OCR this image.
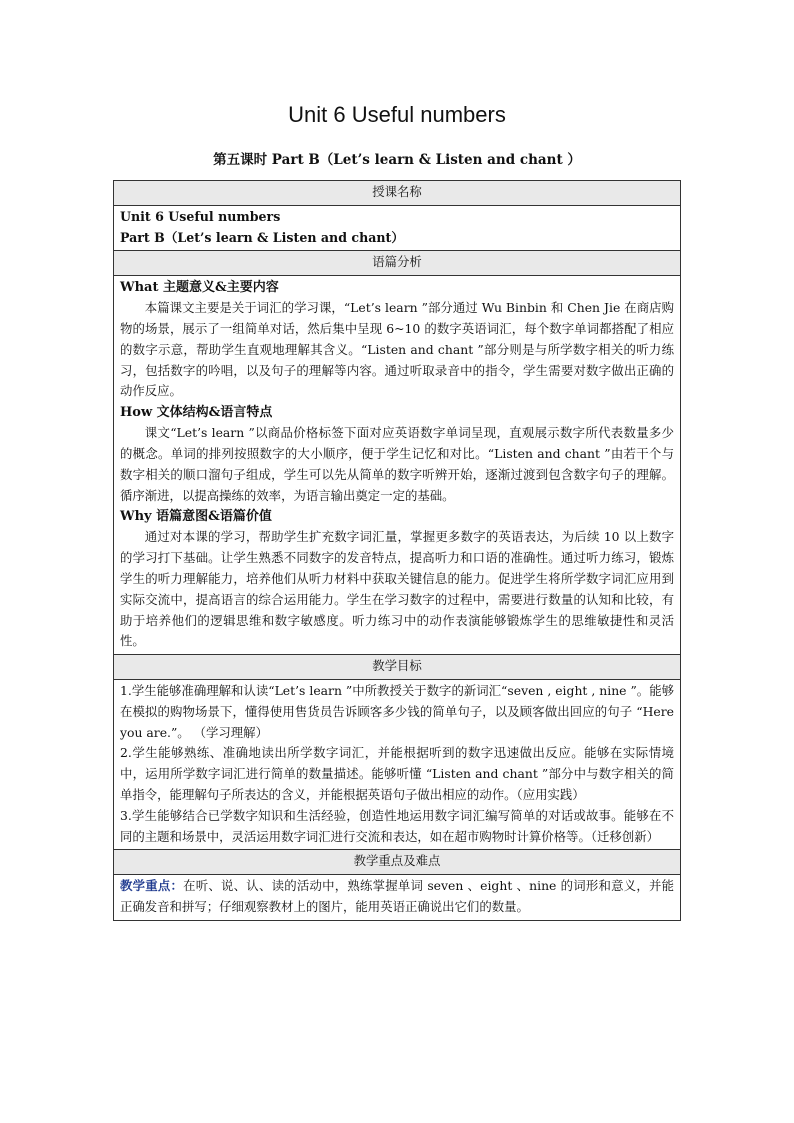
Unit 6 Useful numbers
第五课时 Part B（Let’s learn & Listen and chant ）
授课名称

Unit 6 Useful numbers
Part B（Let’s learn & Listen and chant）

语篇分析

What 主题意义&主要内容

本篇课文主要是关于词汇的学习课，“Let’s learn ”部分通过 Wu Binbin 和 Chen Jie 在商店购物的场景，展示了一组简单对话，然后集中呈现 6~10 的数字英语词汇，每个数字单词都搭配了相应的数字示意，帮助学生直观地理解其含义。“Listen and chant ”部分则是与所学数字相关的听力练习，包括数字的吟唱，以及句子的理解等内容。通过听取录音中的指令，学生需要对数字做出正确的动作反应。

How 文体结构&语言特点

课文“Let’s learn ”以商品价格标签下面对应英语数字单词呈现，直观展示数字所代表数量多少的概念。单词的排列按照数字的大小顺序，便于学生记忆和对比。“Listen and chant ”由若干个与数字相关的顺口溜句子组成，学生可以先从简单的数字听辨开始，逐渐过渡到包含数字句子的理解。循序渐进，以提高操练的效率，为语言输出奠定一定的基础。

Why 语篇意图&语篇价值

通过对本课的学习，帮助学生扩充数字词汇量，掌握更多数字的英语表达，为后续 10 以上数字的学习打下基础。让学生熟悉不同数字的发音特点，提高听力和口语的准确性。通过听力练习，锻炼学生的听力理解能力，培养他们从听力材料中获取关键信息的能力。促进学生将所学数字词汇应用到实际交流中，提高语言的综合运用能力。学生在学习数字的过程中，需要进行数量的认知和比较，有助于培养他们的逻辑思维和数字敏感度。听力练习中的动作表演能够锻炼学生的思维敏捷性和灵活性。

教学目标

1.学生能够准确理解和认读“Let’s learn ”中所教授关于数字的新词汇“seven , eight , nine ”。能够在模拟的购物场景下，懂得使用售货员告诉顾客多少钱的简单句子，以及顾客做出回应的句子 “Here you are.”。 （学习理解）

2.学生能够熟练、准确地读出所学数字词汇，并能根据听到的数字迅速做出反应。能够在实际情境中，运用所学数字词汇进行简单的数量描述。能够听懂 “Listen and chant ”部分中与数字相关的简单指令，能理解句子所表达的含义，并能根据英语句子做出相应的动作。（应用实践）

3.学生能够结合已学数字知识和生活经验，创造性地运用数字词汇编写简单的对话或故事。能够在不同的主题和场景中，灵活运用数字词汇进行交流和表达，如在超市购物时计算价格等。（迁移创新）

教学重点及难点

教学重点：在听、说、认、读的活动中，熟练掌握单词 seven 、eight 、nine 的词形和意义，并能正确发音和拼写；仔细观察教材上的图片，能用英语正确说出它们的数量。
